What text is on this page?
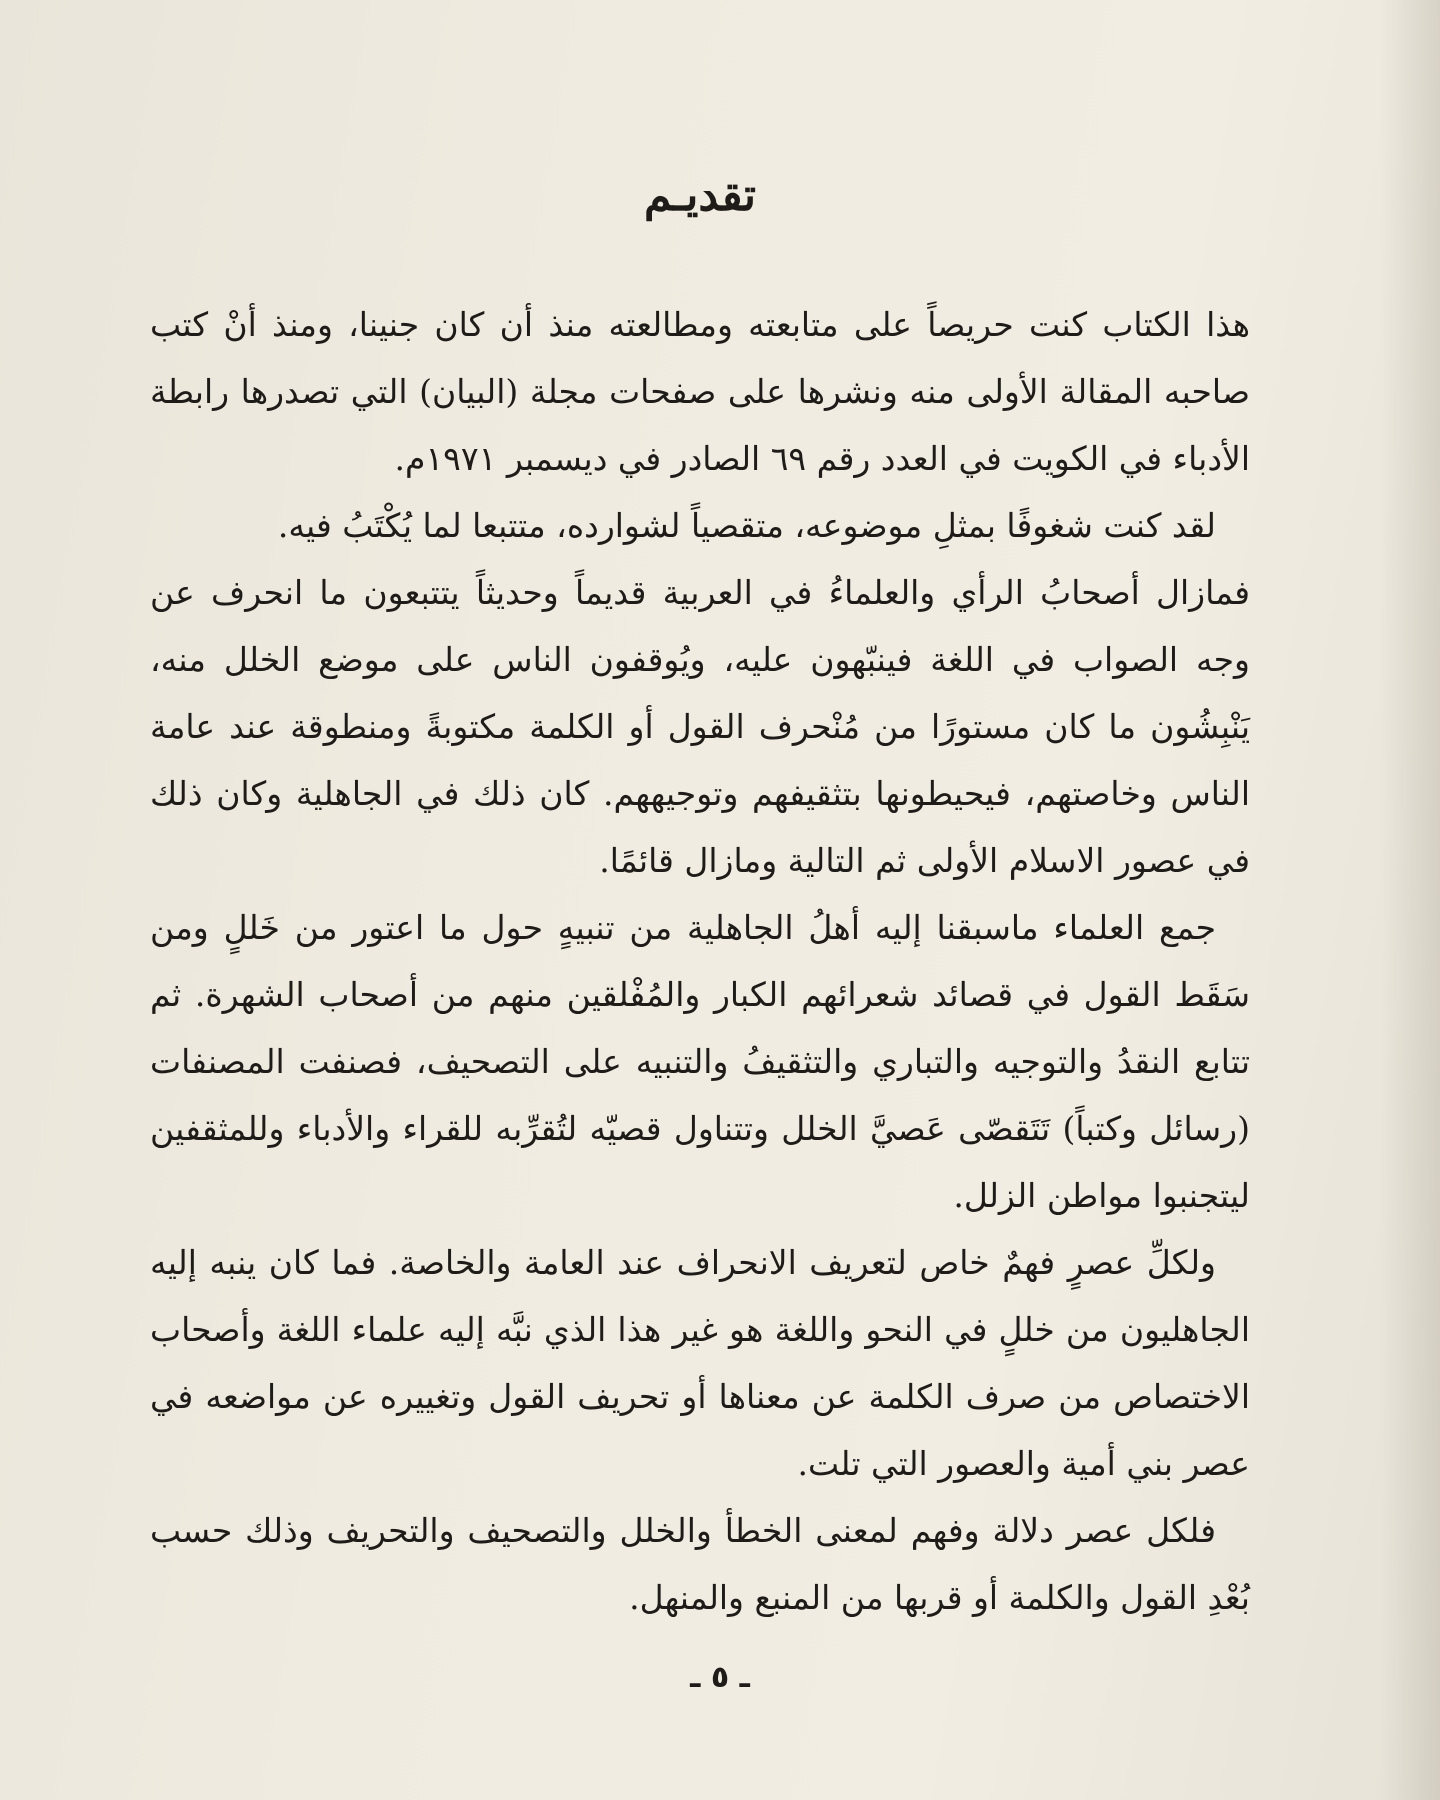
تقديـم

هذا الكتاب كنت حريصاً على متابعته ومطالعته منذ أن كان جنينا، ومنذ أنْ كتب صاحبه المقالة الأولى منه ونشرها على صفحات مجلة (البيان) التي تصدرها رابطة الأدباء في الكويت في العدد رقم ٦٩ الصادر في ديسمبر ١٩٧١م.

لقد كنت شغوفًا بمثلِ موضوعه، متقصياً لشوارده، متتبعا لما يُكْتَبُ فيه.

فمازال أصحابُ الرأي والعلماءُ في العربية قديماً وحديثاً يتتبعون ما انحرف عن وجه الصواب في اللغة فينبّهون عليه، ويُوقفون الناس على موضع الخلل منه، يَنْبِشُون ما كان مستورًا من مُنْحرف القول أو الكلمة مكتوبةً ومنطوقة عند عامة الناس وخاصتهم، فيحيطونها بتثقيفهم وتوجيههم. كان ذلك في الجاهلية وكان ذلك في عصور الاسلام الأولى ثم التالية ومازال قائمًا.

جمع العلماء ماسبقنا إليه أهلُ الجاهلية من تنبيهٍ حول ما اعتور من خَللٍ ومن سَقَط القول في قصائد شعرائهم الكبار والمُفْلقين منهم من أصحاب الشهرة. ثم تتابع النقدُ والتوجيه والتباري والتثقيفُ والتنبيه على التصحيف، فصنفت المصنفات (رسائل وكتباً) تَتَقصّى عَصيَّ الخلل وتتناول قصيّه لتُقرِّبه للقراء والأدباء وللمثقفين ليتجنبوا مواطن الزلل.

ولكلِّ عصرٍ فهمٌ خاص لتعريف الانحراف عند العامة والخاصة. فما كان ينبه إليه الجاهليون من خللٍ في النحو واللغة هو غير هذا الذي نبَّه إليه علماء اللغة وأصحاب الاختصاص من صرف الكلمة عن معناها أو تحريف القول وتغييره عن مواضعه في عصر بني أمية والعصور التي تلت.

فلكل عصر دلالة وفهم لمعنى الخطأ والخلل والتصحيف والتحريف وذلك حسب بُعْدِ القول والكلمة أو قربها من المنبع والمنهل.

ـ ٥ ـ
